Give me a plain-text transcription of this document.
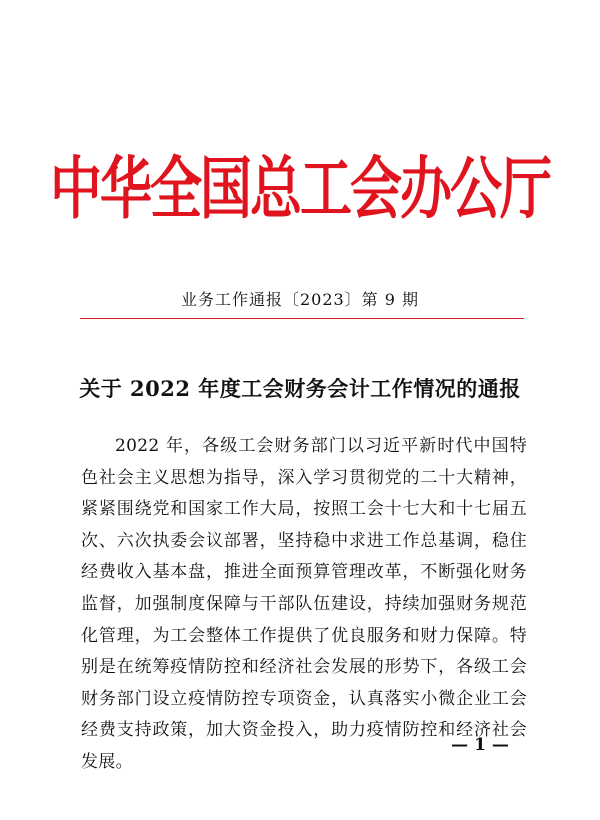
中华全国总工会办公厅
业务工作通报〔2023〕第 9 期
关于 2022 年度工会财务会计工作情况的通报

2022 年，各级工会财务部门以习近平新时代中国特色社会主义思想为指导，深入学习贯彻党的二十大精神，紧紧围绕党和国家工作大局，按照工会十七大和十七届五次、六次执委会议部署，坚持稳中求进工作总基调，稳住经费收入基本盘，推进全面预算管理改革，不断强化财务监督，加强制度保障与干部队伍建设，持续加强财务规范化管理，为工会整体工作提供了优良服务和财力保障。特别是在统筹疫情防控和经济社会发展的形势下，各级工会财务部门设立疫情防控专项资金，认真落实小微企业工会经费支持政策，加大资金投入，助力疫情防控和经济社会发展。

— 1 —
